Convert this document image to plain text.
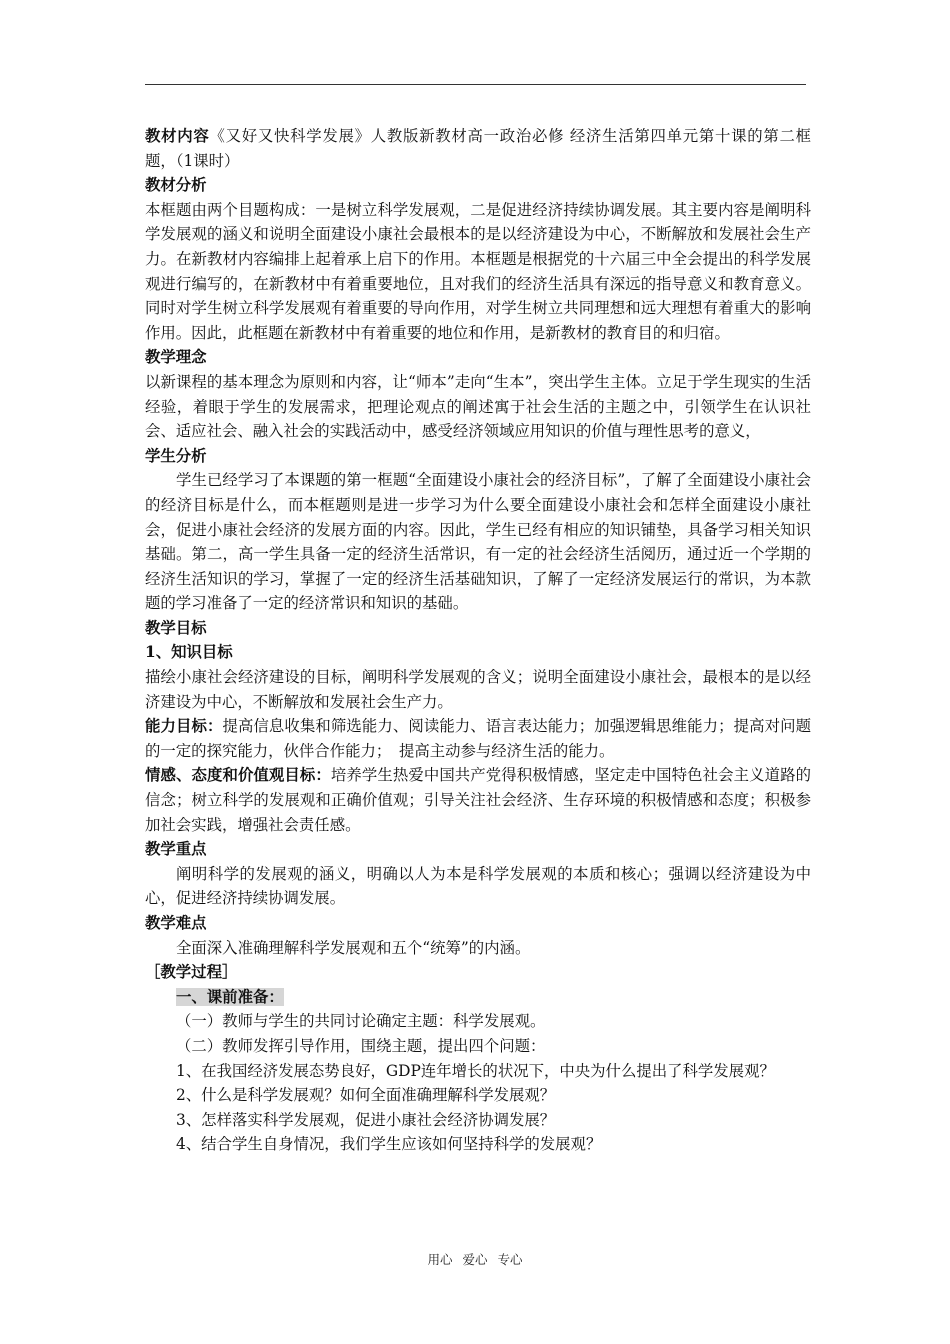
教材内容《又好又快科学发展》人教版新教材高一政治必修 经济生活第四单元第十课的第二框题，（1课时）

教材分析

本框题由两个目题构成：一是树立科学发展观，二是促进经济持续协调发展。其主要内容是阐明科学发展观的涵义和说明全面建设小康社会最根本的是以经济建设为中心，不断解放和发展社会生产力。在新教材内容编排上起着承上启下的作用。本框题是根据党的十六届三中全会提出的科学发展观进行编写的，在新教材中有着重要地位，且对我们的经济生活具有深远的指导意义和教育意义。同时对学生树立科学发展观有着重要的导向作用，对学生树立共同理想和远大理想有着重大的影响作用。因此，此框题在新教材中有着重要的地位和作用，是新教材的教育目的和归宿。

教学理念

以新课程的基本理念为原则和内容，让“师本”走向“生本”，突出学生主体。立足于学生现实的生活经验，着眼于学生的发展需求，把理论观点的阐述寓于社会生活的主题之中，引领学生在认识社会、适应社会、融入社会的实践活动中，感受经济领域应用知识的价值与理性思考的意义，

学生分析

学生已经学习了本课题的第一框题“全面建设小康社会的经济目标”，了解了全面建设小康社会的经济目标是什么，而本框题则是进一步学习为什么要全面建设小康社会和怎样全面建设小康社会，促进小康社会经济的发展方面的内容。因此，学生已经有相应的知识铺垫，具备学习相关知识基础。第二，高一学生具备一定的经济生活常识，有一定的社会经济生活阅历，通过近一个学期的经济生活知识的学习，掌握了一定的经济生活基础知识，了解了一定经济发展运行的常识，为本款题的学习准备了一定的经济常识和知识的基础。

教学目标

1、知识目标

描绘小康社会经济建设的目标，阐明科学发展观的含义；说明全面建设小康社会，最根本的是以经济建设为中心，不断解放和发展社会生产力。

能力目标：提高信息收集和筛选能力、阅读能力、语言表达能力；加强逻辑思维能力；提高对问题的一定的探究能力，伙伴合作能力；　提高主动参与经济生活的能力。

情感、态度和价值观目标：培养学生热爱中国共产党得积极情感，坚定走中国特色社会主义道路的信念；树立科学的发展观和正确价值观；引导关注社会经济、生存环境的积极情感和态度；积极参加社会实践，增强社会责任感。

教学重点

阐明科学的发展观的涵义，明确以人为本是科学发展观的本质和核心；强调以经济建设为中心，促进经济持续协调发展。

教学难点

全面深入准确理解科学发展观和五个“统筹”的内涵。

［教学过程］

一、课前准备：
（一）教师与学生的共同讨论确定主题：科学发展观。
（二）教师发挥引导作用，围绕主题，提出四个问题：
1、在我国经济发展态势良好，GDP连年增长的状况下，中央为什么提出了科学发展观？
2、什么是科学发展观？如何全面准确理解科学发展观？
3、怎样落实科学发展观，促进小康社会经济协调发展？
4、结合学生自身情况，我们学生应该如何坚持科学的发展观？
用心 爱心 专心
